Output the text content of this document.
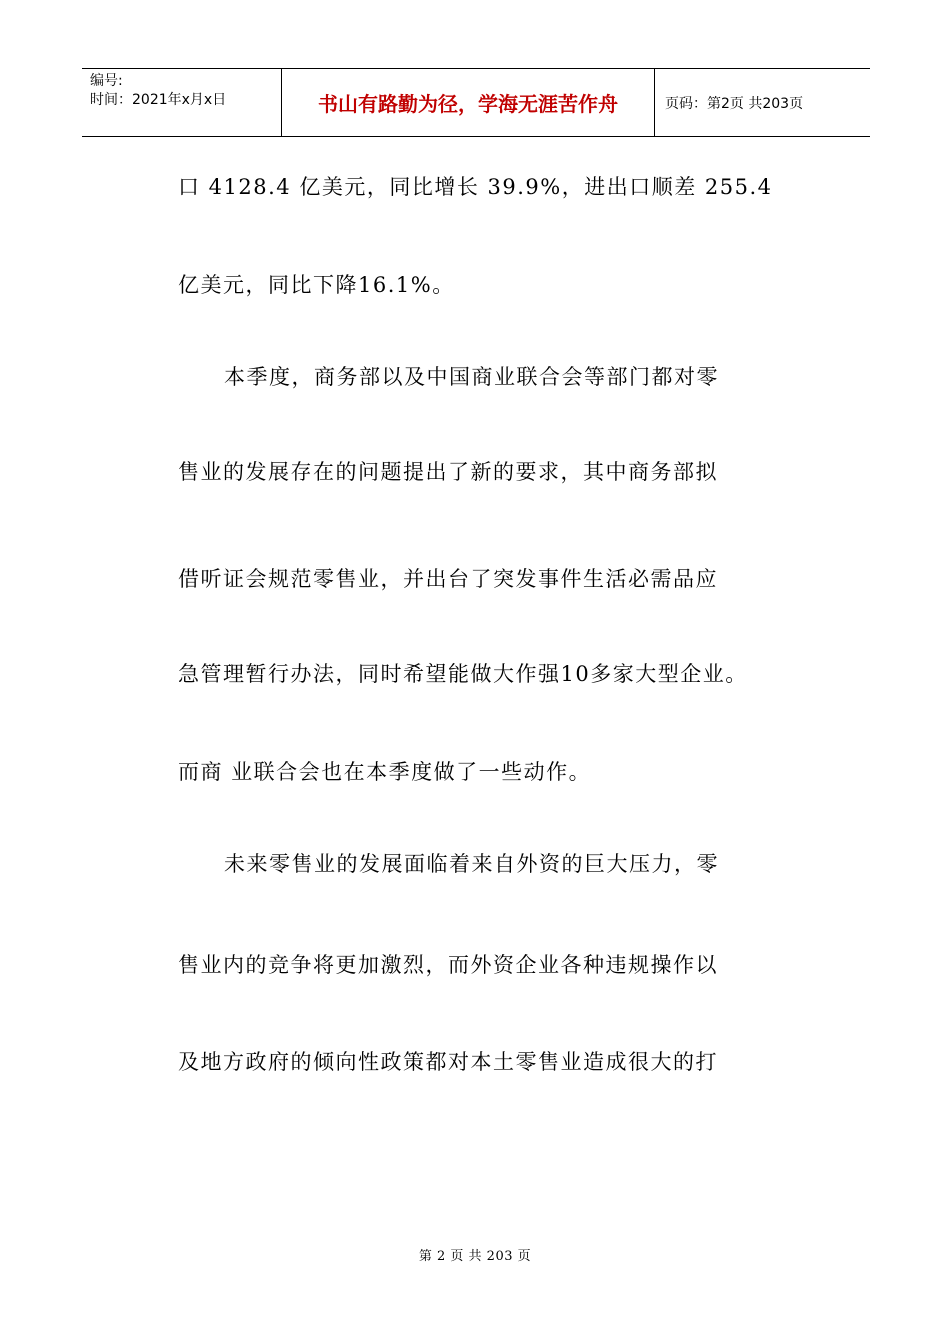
编号:
时间：2021年x月x日	书山有路勤为径，学海无涯苦作舟	页码：第2页 共203页
口 4128.4 亿美元，同比增长 39.9%，进出口顺差 255.4
亿美元，同比下降16.1%。
本季度，商务部以及中国商业联合会等部门都对零
售业的发展存在的问题提出了新的要求，其中商务部拟
借听证会规范零售业，并出台了突发事件生活必需品应
急管理暂行办法，同时希望能做大作强10多家大型企业。
而商 业联合会也在本季度做了一些动作。
未来零售业的发展面临着来自外资的巨大压力，零
售业内的竞争将更加激烈，而外资企业各种违规操作以
及地方政府的倾向性政策都对本土零售业造成很大的打
第 2 页 共 203 页
